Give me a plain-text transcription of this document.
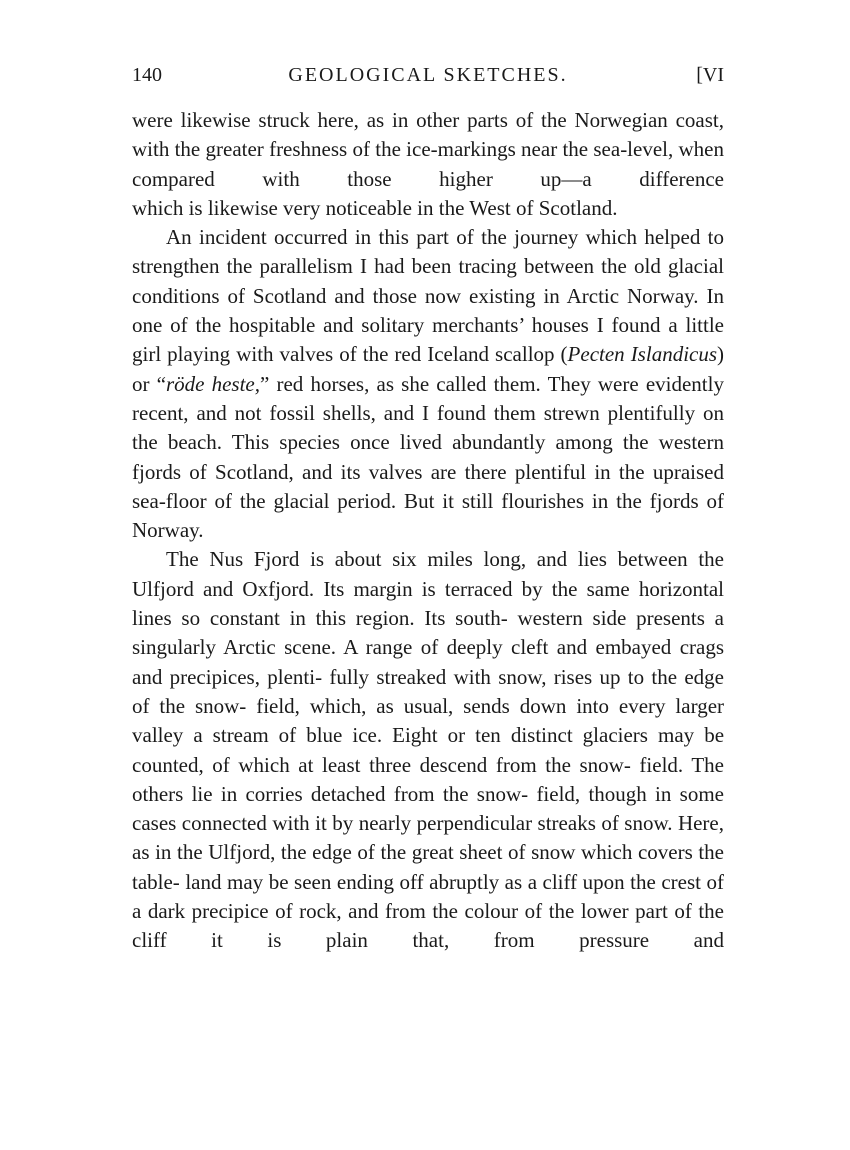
140	GEOLOGICAL SKETCHES.	[VI

were likewise struck here, as in other parts of the Norwegian coast, with the greater freshness of the ice-markings near the sea-level, when compared with those higher up—a difference

which is likewise very noticeable in the West of Scotland.

An incident occurred in this part of the journey which helped to strengthen the parallelism I had been tracing between the old glacial conditions of Scotland and those now existing in Arctic Norway. In one of the hospitable and solitary merchants’ houses I found a little girl playing with valves of the red Iceland scallop (Pecten Islandicus) or “röde heste,” red horses, as she called them. They were evidently recent, and not fossil shells, and I found them strewn plentifully on the beach. This species once lived abundantly among the western fjords of Scotland, and its valves are there plentiful in the upraised sea-floor of the glacial period. But it still flourishes in the fjords of

Norway.

The Nus Fjord is about six miles long, and lies between the Ulfjord and Oxfjord. Its margin is terraced by the same horizontal lines so constant in this region. Its south- western side presents a singularly Arctic scene. A range of deeply cleft and embayed crags and precipices, plenti- fully streaked with snow, rises up to the edge of the snow- field, which, as usual, sends down into every larger valley a stream of blue ice. Eight or ten distinct glaciers may be counted, of which at least three descend from the snow- field. The others lie in corries detached from the snow- field, though in some cases connected with it by nearly perpendicular streaks of snow. Here, as in the Ulfjord, the edge of the great sheet of snow which covers the table- land may be seen ending off abruptly as a cliff upon the crest of a dark precipice of rock, and from the colour of the lower part of the cliff it is plain that, from pressure and
